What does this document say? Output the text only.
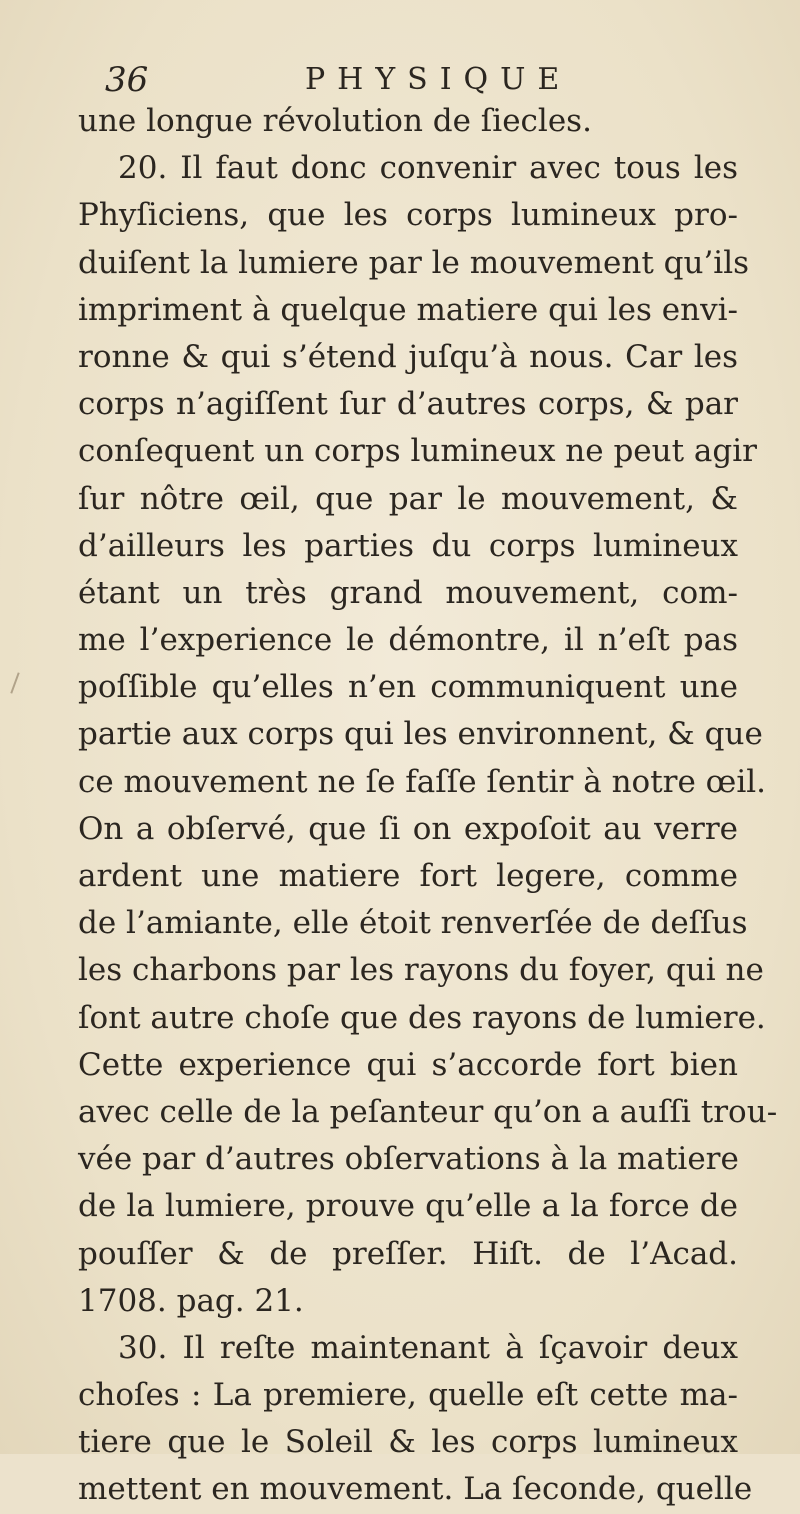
36	PHYSIQUE
une longue révolution de ſiecles.
20. Il faut donc convenir avec tous les
Phyſiciens, que les corps lumineux pro-
duiſent la lumiere par le mouvement qu’ils
impriment à quelque matiere qui les envi-
ronne & qui s’étend juſqu’à nous. Car les
corps n’agiſſent ſur d’autres corps, & par
conſequent un corps lumineux ne peut agir
ſur nôtre œil, que par le mouvement, &
d’ailleurs les parties du corps lumineux
étant un très grand mouvement, com-
me l’experience le démontre, il n’eſt pas
poſſible qu’elles n’en communiquent une
partie aux corps qui les environnent, & que
ce mouvement ne ſe faſſe ſentir à notre œil.
On a obſervé, que ſi on expoſoit au verre
ardent une matiere fort legere, comme
de l’amiante, elle étoit renverſée de deſſus
les charbons par les rayons du foyer, qui ne
ſont autre choſe que des rayons de lumiere.
Cette experience qui s’accorde fort bien
avec celle de la peſanteur qu’on a auſſi trou-
vée par d’autres obſervations à la matiere
de la lumiere, prouve qu’elle a la force de
pouſſer & de preſſer. Hiſt. de l’Acad.
1708. pag. 21.
30. Il reſte maintenant à ſçavoir deux
choſes : La premiere, quelle eſt cette ma-
tiere que le Soleil & les corps lumineux
mettent en mouvement. La ſeconde, quelle
